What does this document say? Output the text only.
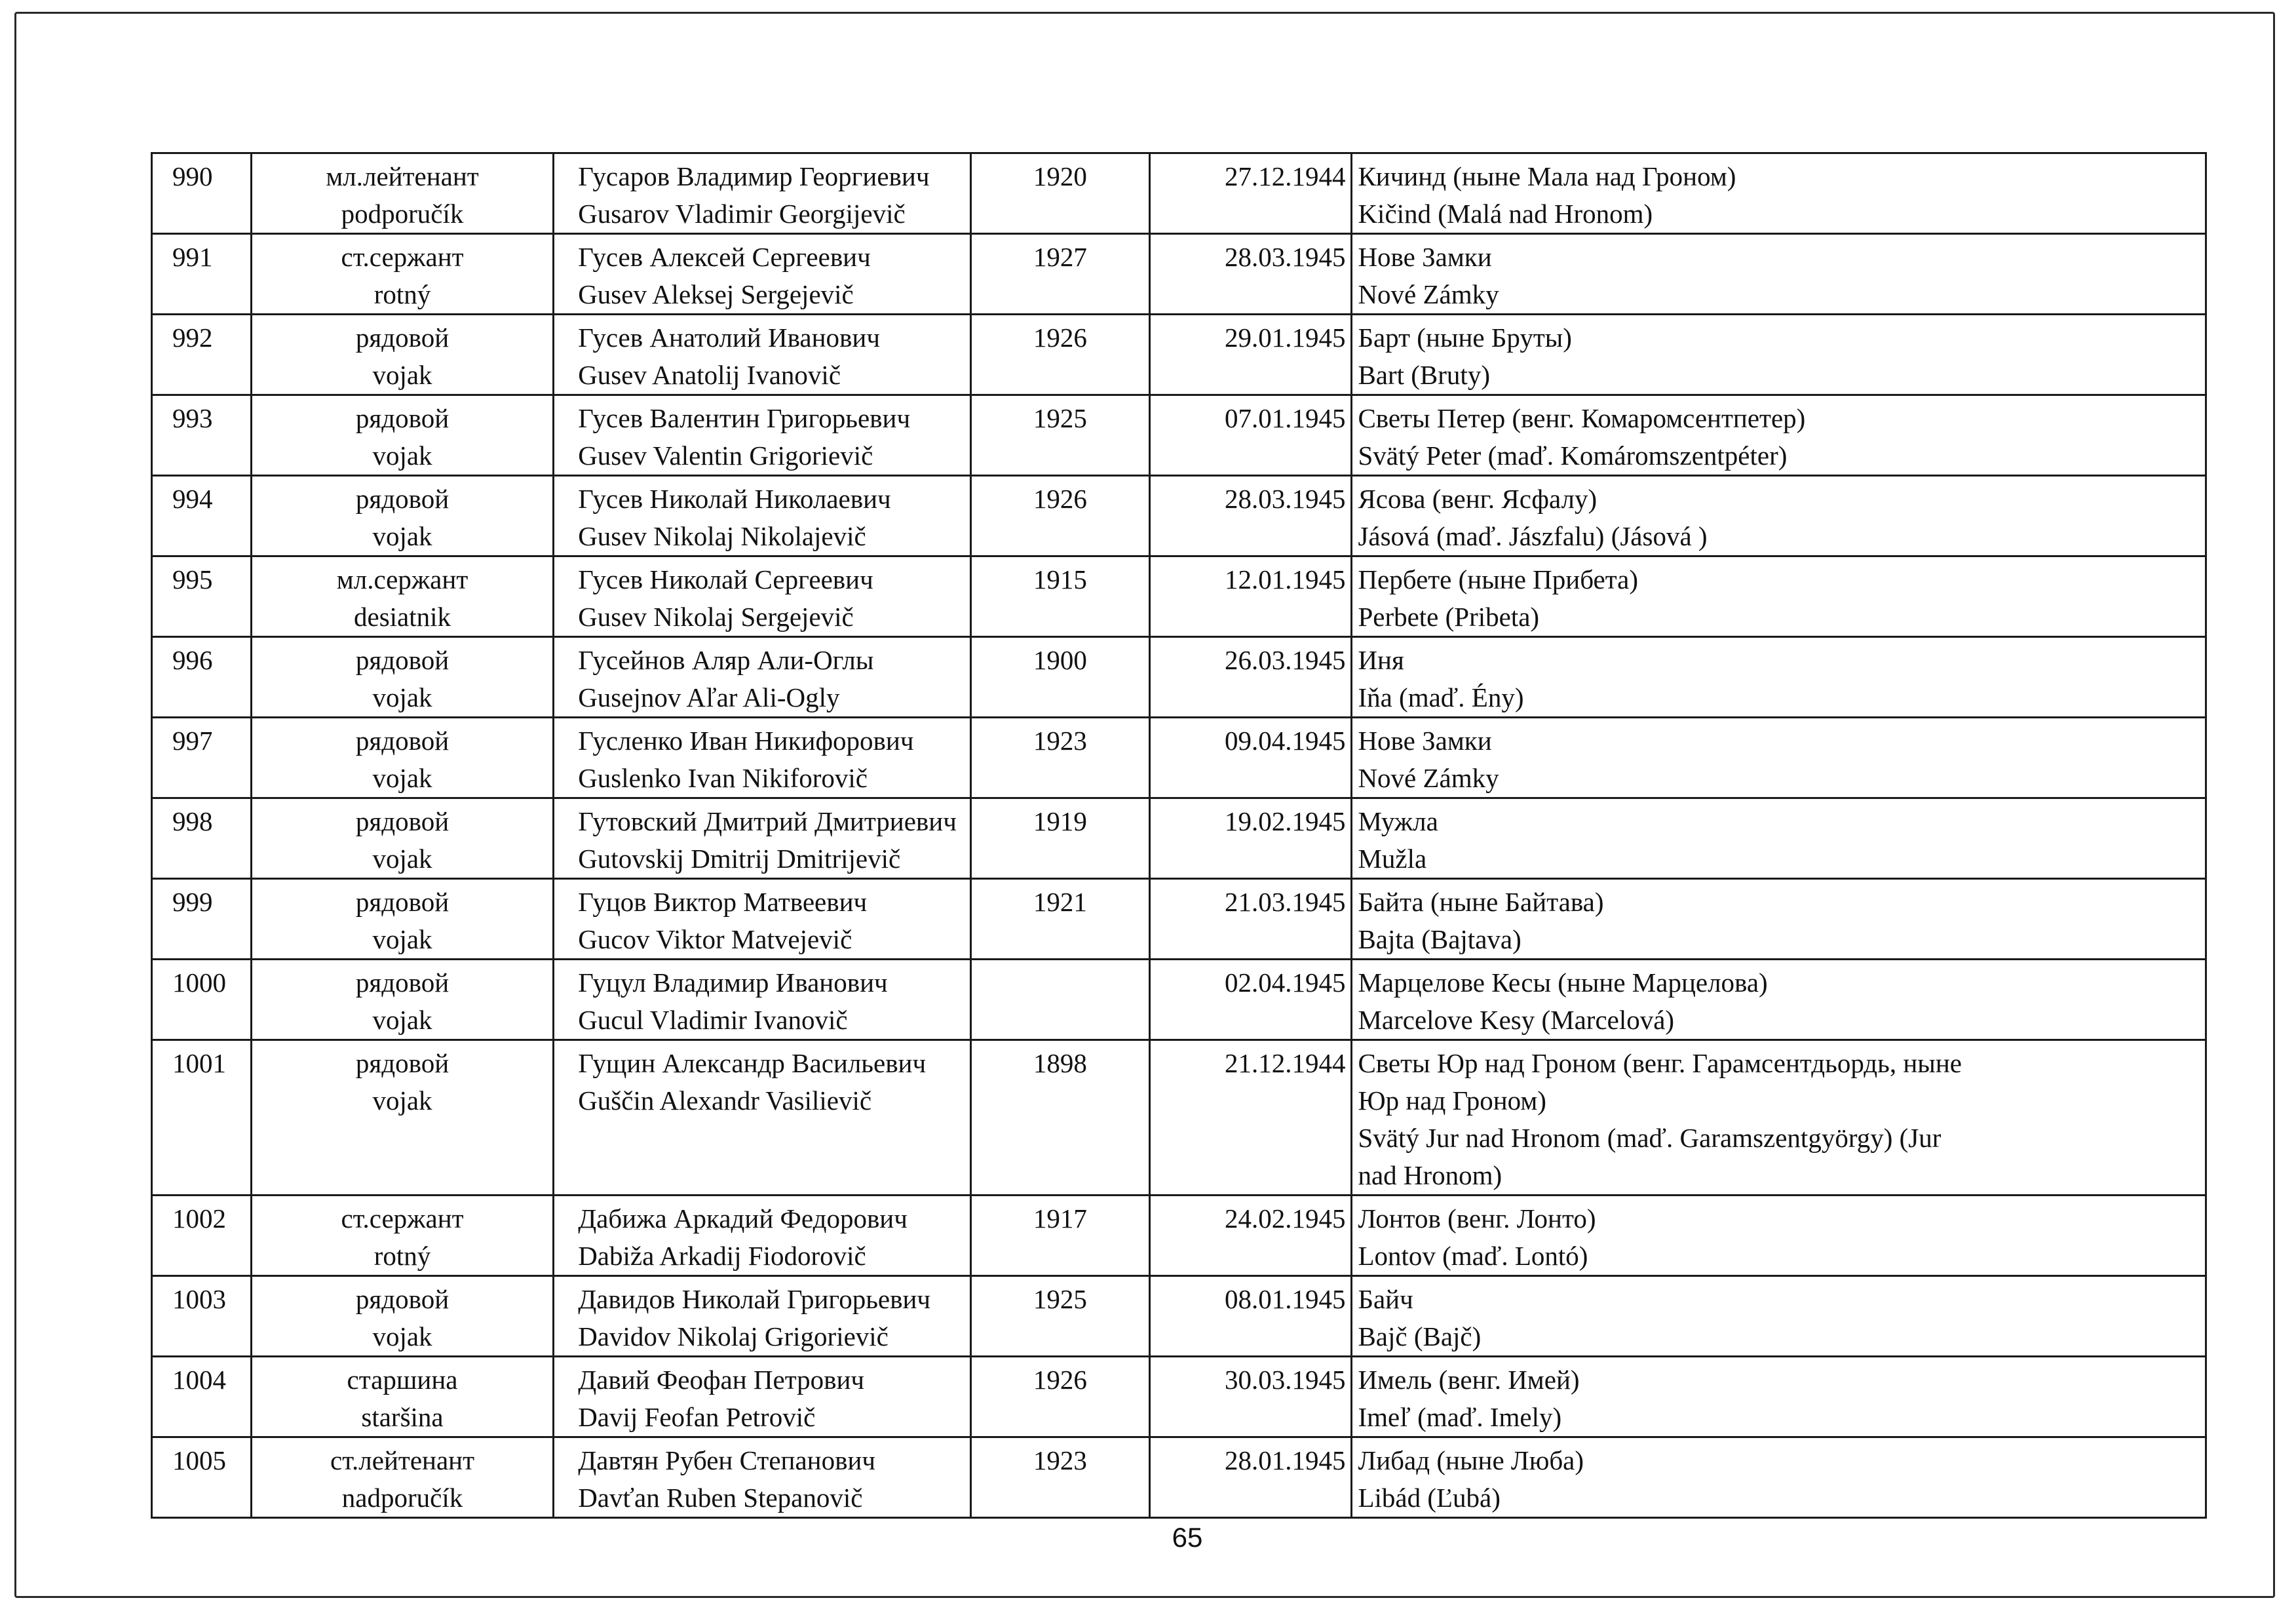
990	мл.лейтенант
podporučík	Гусаров Владимир Георгиевич
Gusarov Vladimir Georgijevič	1920	27.12.1944	Кичинд (ныне Мала над Гроном)
Kičind (Malá nad Hronom)

991	ст.сержант
rotný	Гусев Алексей Сергеевич
Gusev Aleksej Sergejevič	1927	28.03.1945	Нове Замки
Nové Zámky

992	рядовой
vojak	Гусев Анатолий Иванович
Gusev Anatolij Ivanovič	1926	29.01.1945	Барт (ныне Бруты)
Bart (Bruty)

993	рядовой
vojak	Гусев Валентин Григорьевич
Gusev Valentin Grigorievič	1925	07.01.1945	Светы Петер (венг. Комаромсентпетер)
Svätý Peter (maď. Komáromszentpéter)

994	рядовой
vojak	Гусев Николай Николаевич
Gusev Nikolaj Nikolajevič	1926	28.03.1945	Ясова (венг. Ясфалу)
Jásová (maď. Jászfalu) (Jásová )

995	мл.сержант
desiatnik	Гусев Николай Сергеевич
Gusev Nikolaj Sergejevič	1915	12.01.1945	Пербете (ныне Прибета)
Perbete (Pribeta)

996	рядовой
vojak	Гусейнов Аляр Али-Оглы
Gusejnov Aľar Ali-Ogly	1900	26.03.1945	Иня
Iňa (maď. Ény)

997	рядовой
vojak	Гусленко Иван Никифорович
Guslenko Ivan Nikiforovič	1923	09.04.1945	Нове Замки
Nové Zámky

998	рядовой
vojak	Гутовский Дмитрий Дмитриевич
Gutovskij Dmitrij Dmitrijevič	1919	19.02.1945	Мужла
Mužla

999	рядовой
vojak	Гуцов Виктор Матвеевич
Gucov Viktor Matvejevič	1921	21.03.1945	Байта (ныне Байтава)
Bajta (Bajtava)

1000	рядовой
vojak	Гуцул Владимир Иванович
Gucul Vladimir Ivanovič		02.04.1945	Марцелове Кесы (ныне Марцелова)
Marcelove Kesy (Marcelová)

1001	рядовой
vojak	Гущин Александр Васильевич
Guščin Alexandr Vasilievič	1898	21.12.1944	Светы Юр над Гроном (венг. Гарамсентдьордь, ныне
Юр над Гроном)
Svätý Jur nad Hronom (maď. Garamszentgyörgy) (Jur
nad Hronom)

1002	ст.сержант
rotný	Дабижа Аркадий Федорович
Dabiža Arkadij Fiodorovič	1917	24.02.1945	Лонтов (венг. Лонто)
Lontov (maď. Lontó)

1003	рядовой
vojak	Давидов Николай Григорьевич
Davidov Nikolaj Grigorievič	1925	08.01.1945	Байч
Bajč (Bajč)

1004	старшина
staršina	Давий Феофан Петрович
Davij Feofan Petrovič	1926	30.03.1945	Имель (венг. Имей)
Imeľ (maď. Imely)

1005	ст.лейтенант
nadporučík	Давтян Рубен Степанович
Davťan Ruben Stepanovič	1923	28.01.1945	Либад (ныне Люба)
Libád (Ľubá)
65
